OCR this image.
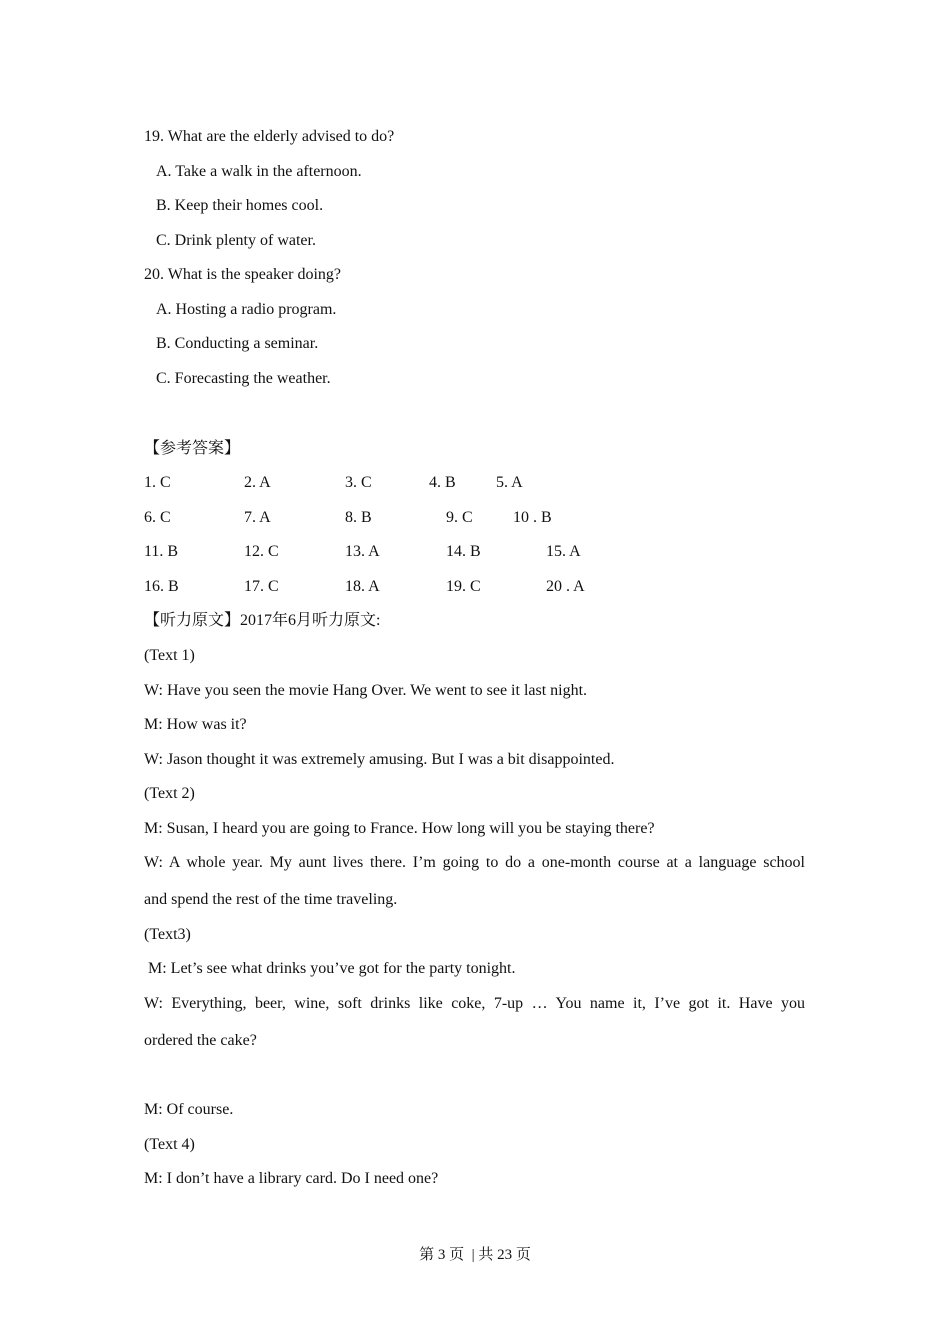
19. What are the elderly advised to do?
A. Take a walk in the afternoon.
B. Keep their homes cool.
C. Drink plenty of water.
20. What is the speaker doing?
A. Hosting a radio program.
B. Conducting a seminar.
C. Forecasting the weather.
【参考答案】
1. C	2. A	3. C	4. B	5. A
6. C	7. A	8. B	9. C	10 . B
11. B	12. C	13. A	14. B	15. A
16. B	17. C	18. A	19. C	20 . A
【听力原文】2017年6月听力原文:
(Text 1)
W: Have you seen the movie Hang Over. We went to see it last night.
M: How was it?
W: Jason thought it was extremely amusing. But I was a bit disappointed.
(Text 2)
M: Susan, I heard you are going to France. How long will you be staying there?
W: A whole year. My aunt lives there. I’m going to do a one-month course at a language school
and spend the rest of the time traveling.
(Text3)
M: Let’s see what drinks you’ve got for the party tonight.
W: Everything, beer, wine, soft drinks like coke, 7-up … You name it, I’ve got it. Have you
ordered the cake?
M: Of course.
(Text 4)
M: I don’t have a library card. Do I need one?
第 3 页  | 共 23 页
